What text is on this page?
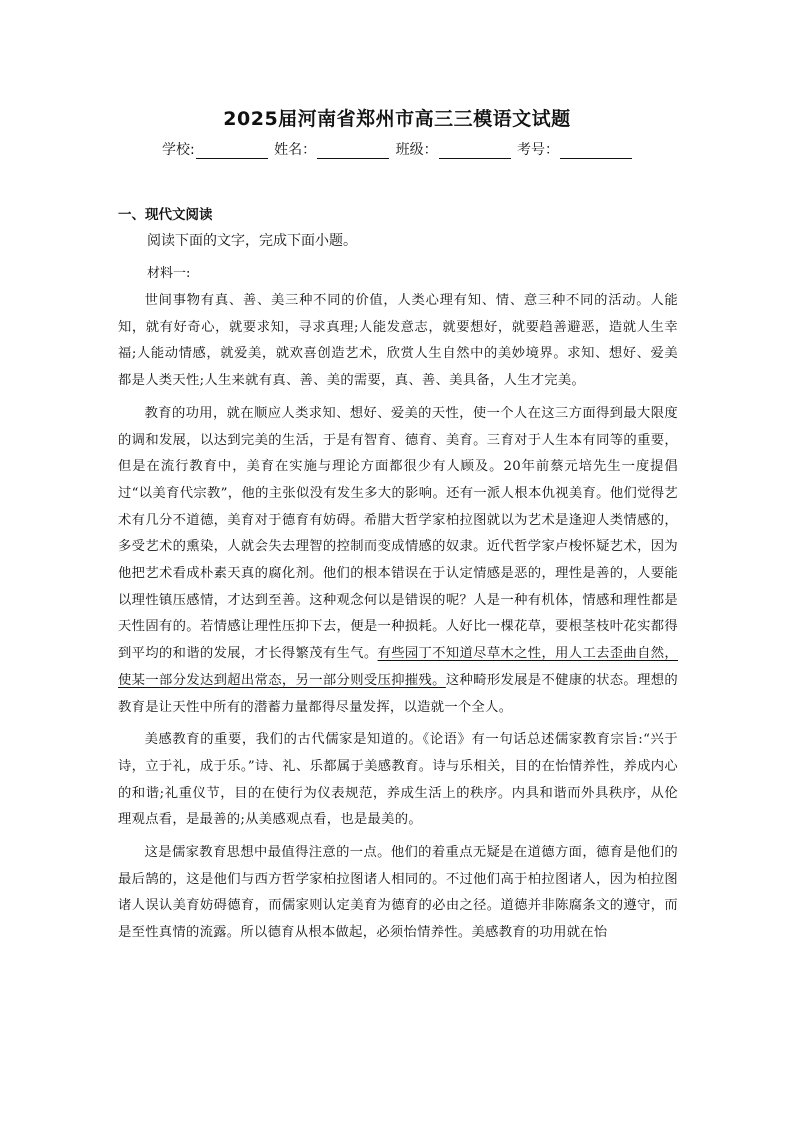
2025届河南省郑州市高三三模语文试题
学校:	姓名：	班级：	考号：
一、现代文阅读
阅读下面的文字，完成下面小题。
材料一:

世间事物有真、善、美三种不同的价值，人类心理有知、情、意三种不同的活动。人能知，就有好奇心，就要求知，寻求真理;人能发意志，就要想好，就要趋善避恶，造就人生幸福;人能动情感，就爱美，就欢喜创造艺术，欣赏人生自然中的美妙境界。求知、想好、爱美都是人类天性;人生来就有真、善、美的需要，真、善、美具备，人生才完美。

教育的功用，就在顺应人类求知、想好、爱美的天性，使一个人在这三方面得到最大限度的调和发展，以达到完美的生活，于是有智育、德育、美育。三育对于人生本有同等的重要，但是在流行教育中，美育在实施与理论方面都很少有人顾及。20年前蔡元培先生一度提倡过“以美育代宗教”，他的主张似没有发生多大的影响。还有一派人根本仇视美育。他们觉得艺术有几分不道德，美育对于德育有妨碍。希腊大哲学家柏拉图就以为艺术是逢迎人类情感的，多受艺术的熏染，人就会失去理智的控制而变成情感的奴隶。近代哲学家卢梭怀疑艺术，因为他把艺术看成朴素天真的腐化剂。他们的根本错误在于认定情感是恶的，理性是善的，人要能以理性镇压感情，才达到至善。这种观念何以是错误的呢？人是一种有机体，情感和理性都是天性固有的。若情感让理性压抑下去，便是一种损耗。人好比一棵花草，要根茎枝叶花实都得到平均的和谐的发展，才长得繁茂有生气。有些园丁不知道尽草木之性，用人工去歪曲自然，使某一部分发达到超出常态，另一部分则受压抑摧残。这种畸形发展是不健康的状态。理想的教育是让天性中所有的潜蓄力量都得尽量发挥，以造就一个全人。

美感教育的重要，我们的古代儒家是知道的。《论语》有一句话总述儒家教育宗旨:“兴于诗，立于礼，成于乐。”诗、礼、乐都属于美感教育。诗与乐相关，目的在怡情养性，养成内心的和谐;礼重仪节，目的在使行为仪表规范，养成生活上的秩序。内具和谐而外具秩序，从伦理观点看，是最善的;从美感观点看，也是最美的。

这是儒家教育思想中最值得注意的一点。他们的着重点无疑是在道德方面，德育是他们的最后鹄的，这是他们与西方哲学家柏拉图诸人相同的。不过他们高于柏拉图诸人，因为柏拉图诸人误认美育妨碍德育，而儒家则认定美育为德育的必由之径。道德并非陈腐条文的遵守，而是至性真情的流露。所以德育从根本做起，必须怡情养性。美感教育的功用就在怡
